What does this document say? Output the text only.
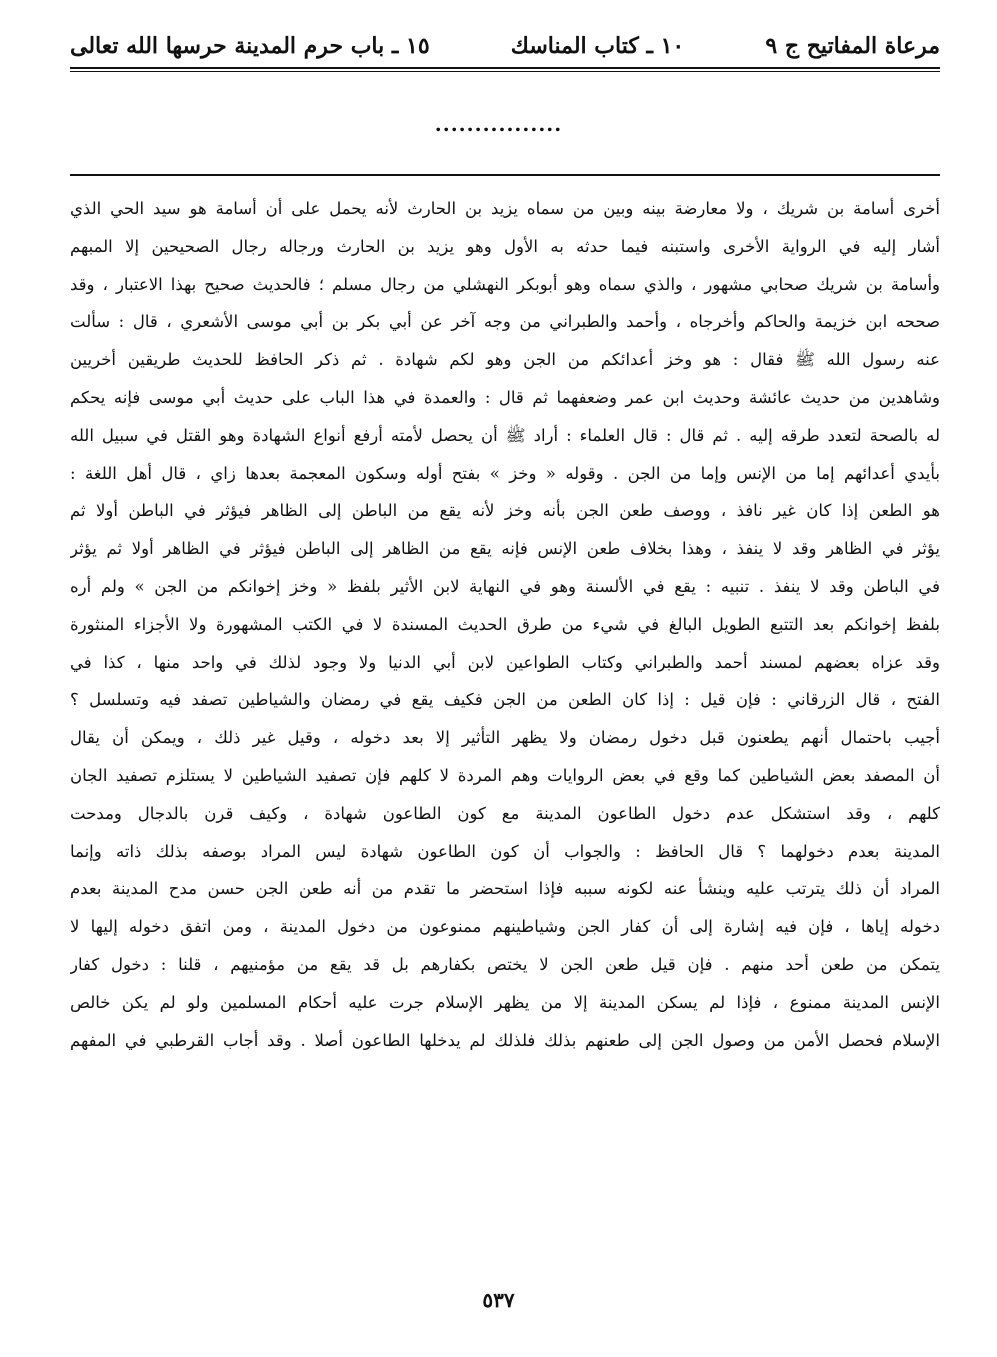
مرعاة المفاتيح ج ٩
١٠ ـ كتاب المناسك
١٥ ـ باب حرم المدينة حرسها الله تعالى
................
أخرى أسامة بن شريك ، ولا معارضة بينه وبين من سماه يزيد بن الحارث لأنه يحمل على أن أسامة هو سيد الحي الذي
أشار إليه في الرواية الأخرى واستبنه فيما حدثه به الأول وهو يزيد بن الحارث ورجاله رجال الصحيحين إلا المبهم
وأسامة بن شريك صحابي مشهور ، والذي سماه وهو أبوبكر النهشلي من رجال مسلم ؛ فالحديث صحيح بهذا الاعتبار ، وقد
صححه ابن خزيمة والحاكم وأخرجاه ، وأحمد والطبراني من وجه آخر عن أبي بكر بن أبي موسى الأشعري ، قال : سألت
عنه رسول الله ﷺ فقال : هو وخز أعدائكم من الجن وهو لكم شهادة . ثم ذكر الحافظ للحديث طريقين أخريين
وشاهدين من حديث عائشة وحديث ابن عمر وضعفهما ثم قال : والعمدة في هذا الباب على حديث أبي موسى فإنه يحكم
له بالصحة لتعدد طرقه إليه . ثم قال : قال العلماء : أراد ﷺ أن يحصل لأمته أرفع أنواع الشهادة وهو القتل في سبيل الله
بأيدي أعدائهم إما من الإنس وإما من الجن . وقوله « وخز » بفتح أوله وسكون المعجمة بعدها زاي ، قال أهل اللغة :
هو الطعن إذا كان غير نافذ ، ووصف طعن الجن بأنه وخز لأنه يقع من الباطن إلى الظاهر فيؤثر في الباطن أولا ثم
يؤثر في الظاهر وقد لا ينفذ ، وهذا بخلاف طعن الإنس فإنه يقع من الظاهر إلى الباطن فيؤثر في الظاهر أولا ثم يؤثر
في الباطن وقد لا ينفذ . تنبيه : يقع في الألسنة وهو في النهاية لابن الأثير بلفظ « وخز إخوانكم من الجن » ولم أره
بلفظ إخوانكم بعد التتبع الطويل البالغ في شيء من طرق الحديث المسندة لا في الكتب المشهورة ولا الأجزاء المنثورة
وقد عزاه بعضهم لمسند أحمد والطبراني وكتاب الطواعين لابن أبي الدنيا ولا وجود لذلك في واحد منها ، كذا في
الفتح ، قال الزرقاني : فإن قيل : إذا كان الطعن من الجن فكيف يقع في رمضان والشياطين تصفد فيه وتسلسل ؟
أجيب باحتمال أنهم يطعنون قبل دخول رمضان ولا يظهر التأثير إلا بعد دخوله ، وقيل غير ذلك ، ويمكن أن يقال
أن المصفد بعض الشياطين كما وقع في بعض الروايات وهم المردة لا كلهم فإن تصفيد الشياطين لا يستلزم تصفيد الجان
كلهم ، وقد استشكل عدم دخول الطاعون المدينة مع كون الطاعون شهادة ، وكيف قرن بالدجال ومدحت
المدينة بعدم دخولهما ؟ قال الحافظ : والجواب أن كون الطاعون شهادة ليس المراد بوصفه بذلك ذاته وإنما
المراد أن ذلك يترتب عليه وينشأ عنه لكونه سببه فإذا استحضر ما تقدم من أنه طعن الجن حسن مدح المدينة بعدم
دخوله إياها ، فإن فيه إشارة إلى أن كفار الجن وشياطينهم ممنوعون من دخول المدينة ، ومن اتفق دخوله إليها لا
يتمكن من طعن أحد منهم . فإن قيل طعن الجن لا يختص بكفارهم بل قد يقع من مؤمنيهم ، قلنا : دخول كفار
الإنس المدينة ممنوع ، فإذا لم يسكن المدينة إلا من يظهر الإسلام جرت عليه أحكام المسلمين ولو لم يكن خالص
الإسلام فحصل الأمن من وصول الجن إلى طعنهم بذلك فلذلك لم يدخلها الطاعون أصلا . وقد أجاب القرطبي في المفهم
٥٣٧
